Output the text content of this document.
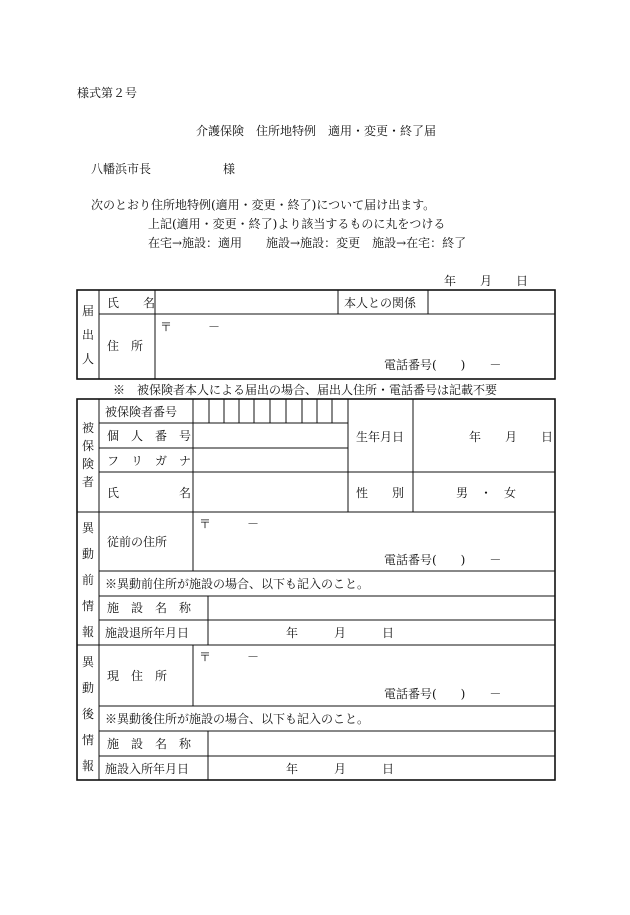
様式第２号
介護保険　住所地特例　適用・変更・終了届
八幡浜市長　　　　　　様
次のとおり住所地特例(適用・変更・終了)について届け出ます。
上記(適用・変更・終了)より該当するものに丸をつける
在宅→施設：適用　　施設→施設：変更　施設→在宅：終了
年　　月　　日
届
出
人
氏　　名	本人との関係
住　所
〒　　　－
電話番号(　　)　　－
※　被保険者本人による届出の場合、届出人住所・電話番号は記載不要
被
保
険
者
被保険者番号
個　人　番　号
フ　リ　ガ　ナ
氏　　　　　名
生年月日	年　　月　　日
性　　別	男　・　女
異
動
前
情
報
従前の住所
〒　　　－
電話番号(　　)　　－
※異動前住所が施設の場合、以下も記入のこと。
施　設　名　称
施設退所年月日	年　　　月　　　日
異
動
後
情
報
現　住　所
〒　　　－
電話番号(　　)　　－
※異動後住所が施設の場合、以下も記入のこと。
施　設　名　称
施設入所年月日	年　　　月　　　日
